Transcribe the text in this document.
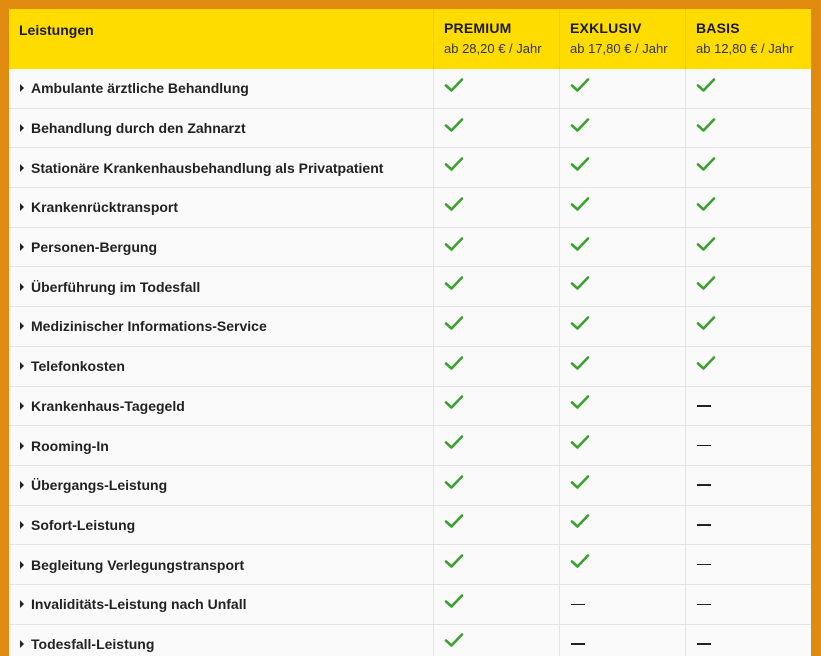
Leistungen	PREMIUM
ab 28,20 € / Jahr
EXKLUSIV
ab 17,80 € / Jahr
BASIS
ab 12,80 € / Jahr
Ambulante ärztliche Behandlung
Behandlung durch den Zahnarzt
Stationäre Krankenhausbehandlung als Privatpatient
Krankenrücktransport
Personen-Bergung
Überführung im Todesfall
Medizinischer Informations-Service
Telefonkosten
Krankenhaus-Tagegeld
Rooming-In
Übergangs-Leistung
Sofort-Leistung
Begleitung Verlegungstransport
Invaliditäts-Leistung nach Unfall
Todesfall-Leistung
